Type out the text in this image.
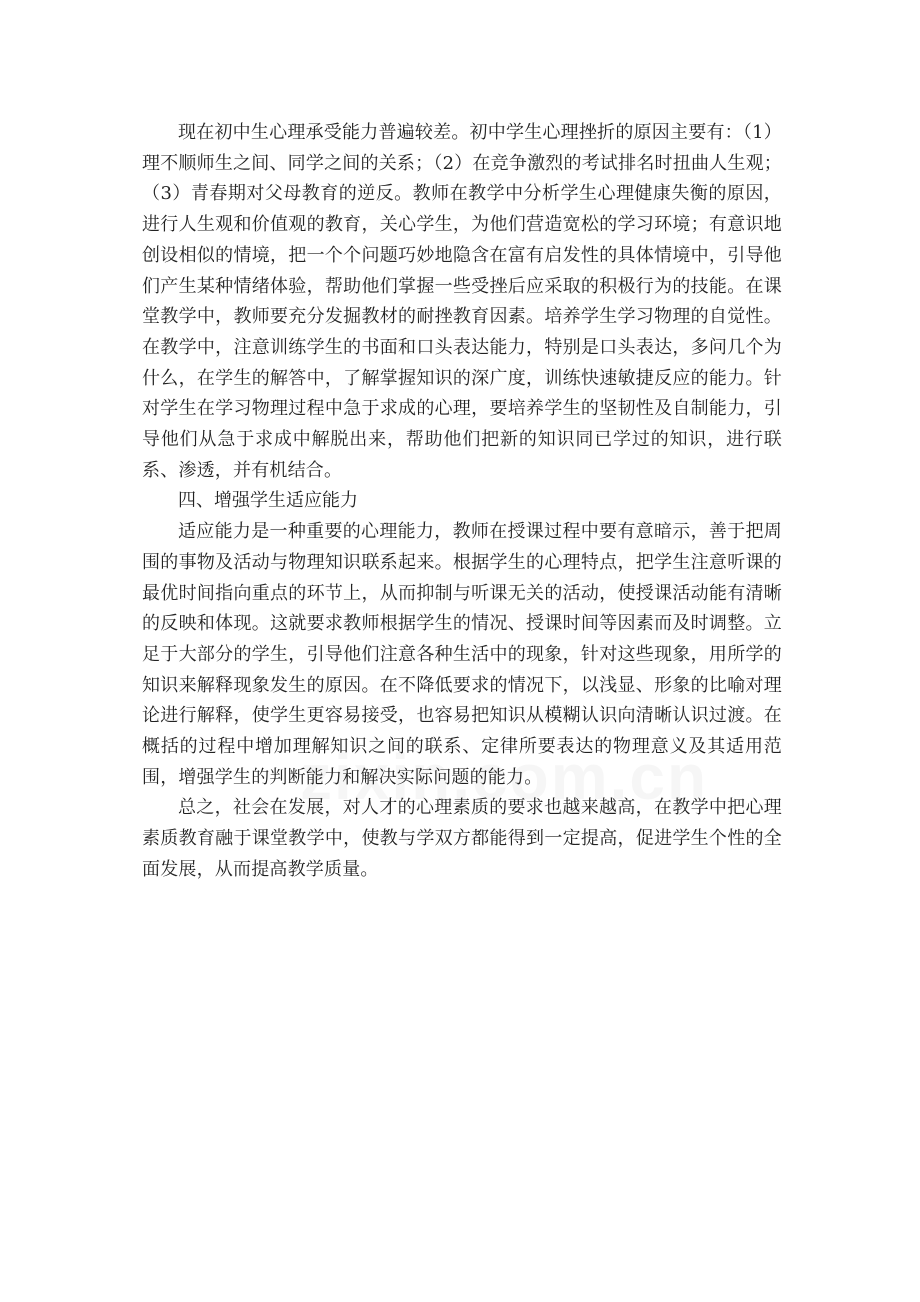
现在初中生心理承受能力普遍较差。初中学生心理挫折的原因主要有：（1）理不顺师生之间、同学之间的关系；（2）在竞争激烈的考试排名时扭曲人生观；（3）青春期对父母教育的逆反。教师在教学中分析学生心理健康失衡的原因，进行人生观和价值观的教育，关心学生，为他们营造宽松的学习环境；有意识地创设相似的情境，把一个个问题巧妙地隐含在富有启发性的具体情境中，引导他们产生某种情绪体验，帮助他们掌握一些受挫后应采取的积极行为的技能。在课堂教学中，教师要充分发掘教材的耐挫教育因素。培养学生学习物理的自觉性。在教学中，注意训练学生的书面和口头表达能力，特别是口头表达，多问几个为什么，在学生的解答中，了解掌握知识的深广度，训练快速敏捷反应的能力。针对学生在学习物理过程中急于求成的心理，要培养学生的坚韧性及自制能力，引导他们从急于求成中解脱出来，帮助他们把新的知识同已学过的知识，进行联系、渗透，并有机结合。

四、增强学生适应能力

适应能力是一种重要的心理能力，教师在授课过程中要有意暗示，善于把周围的事物及活动与物理知识联系起来。根据学生的心理特点，把学生注意听课的最优时间指向重点的环节上，从而抑制与听课无关的活动，使授课活动能有清晰的反映和体现。这就要求教师根据学生的情况、授课时间等因素而及时调整。立足于大部分的学生，引导他们注意各种生活中的现象，针对这些现象，用所学的知识来解释现象发生的原因。在不降低要求的情况下，以浅显、形象的比喻对理论进行解释，使学生更容易接受，也容易把知识从模糊认识向清晰认识过渡。在概括的过程中增加理解知识之间的联系、定律所要表达的物理意义及其适用范围，增强学生的判断能力和解决实际问题的能力。

总之，社会在发展，对人才的心理素质的要求也越来越高，在教学中把心理素质教育融于课堂教学中，使教与学双方都能得到一定提高，促进学生个性的全面发展，从而提高教学质量。
